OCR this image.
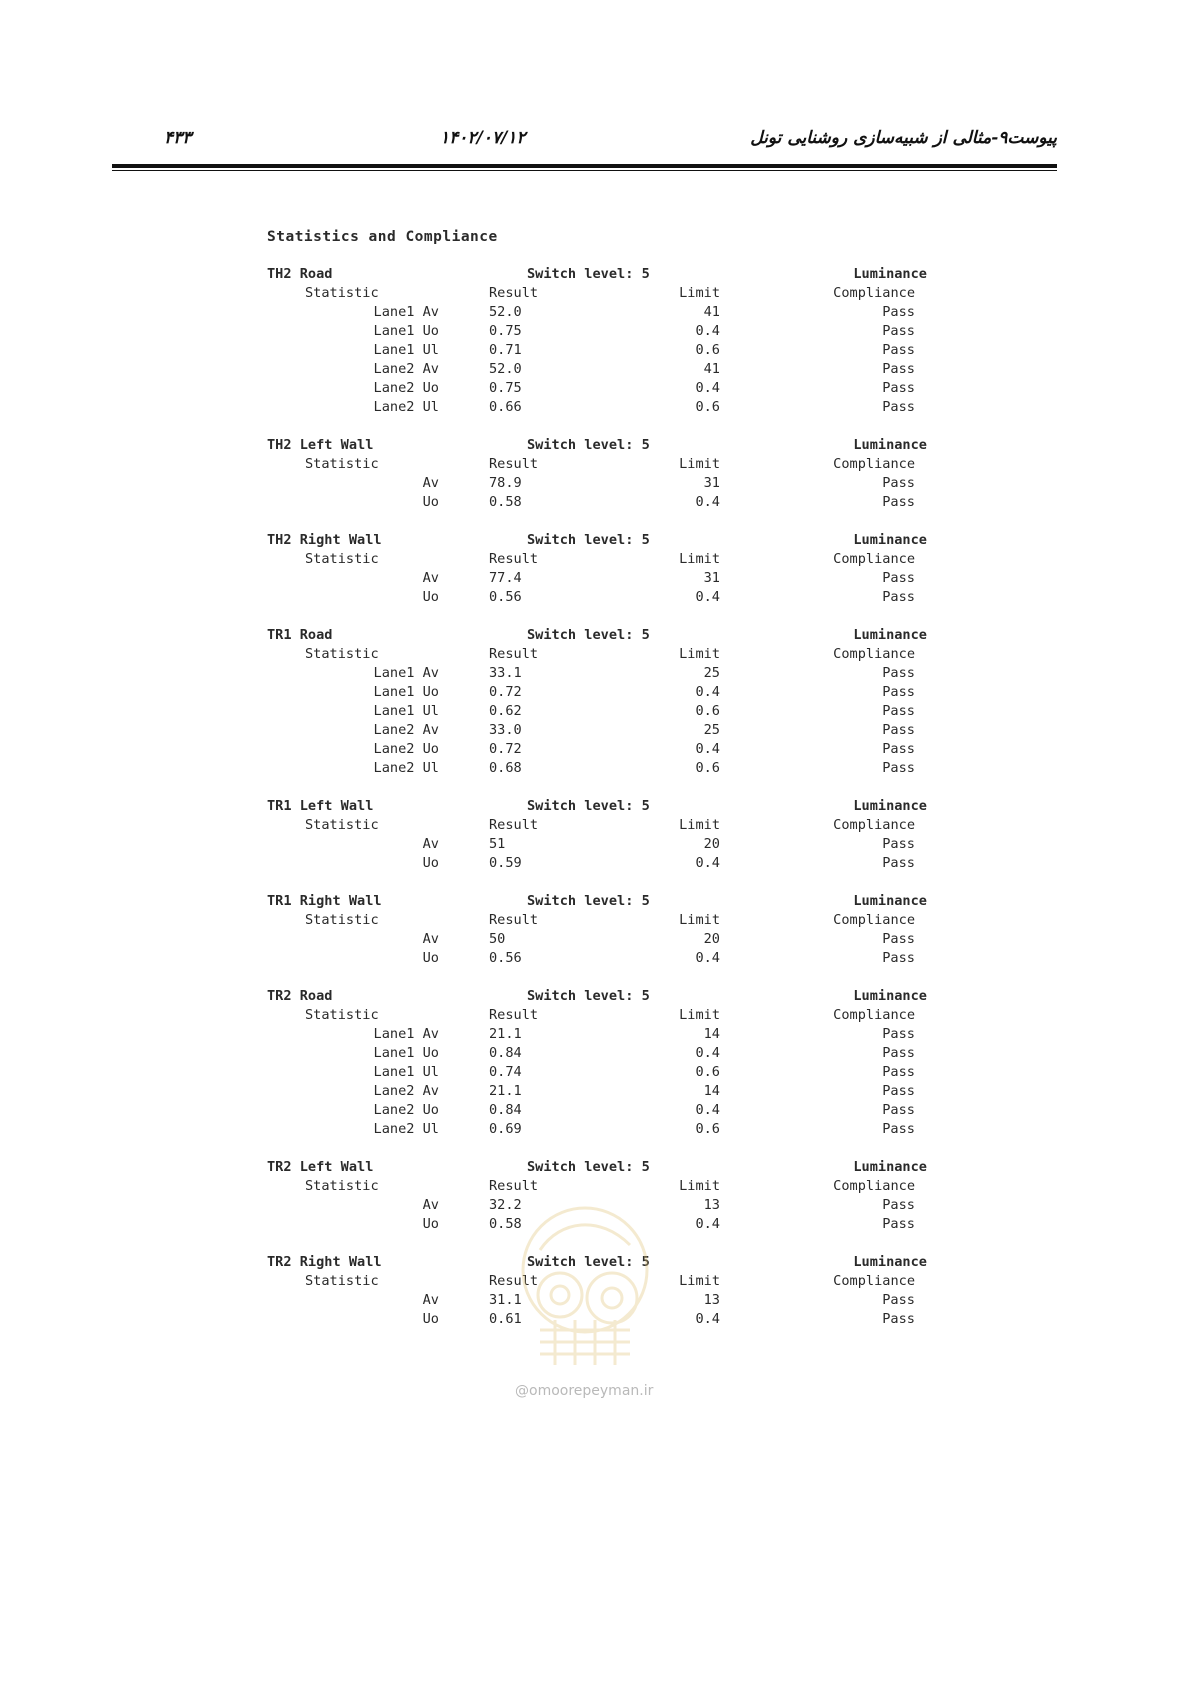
۴۳۳	۱۴۰۲/۰۷/۱۲	پیوست۹-مثالی از شبیه‌سازی روشنایی تونل
Statistics and Compliance
TH2 Road	Switch level: 5	Luminance
Statistic	Result	Limit	Compliance
Lane1 Av	52.0	41	Pass
Lane1 Uo	0.75	0.4	Pass
Lane1 Ul	0.71	0.6	Pass
Lane2 Av	52.0	41	Pass
Lane2 Uo	0.75	0.4	Pass
Lane2 Ul	0.66	0.6	Pass
TH2 Left Wall	Switch level: 5	Luminance
Statistic	Result	Limit	Compliance
Av	78.9	31	Pass
Uo	0.58	0.4	Pass
TH2 Right Wall	Switch level: 5	Luminance
Statistic	Result	Limit	Compliance
Av	77.4	31	Pass
Uo	0.56	0.4	Pass
TR1 Road	Switch level: 5	Luminance
Statistic	Result	Limit	Compliance
Lane1 Av	33.1	25	Pass
Lane1 Uo	0.72	0.4	Pass
Lane1 Ul	0.62	0.6	Pass
Lane2 Av	33.0	25	Pass
Lane2 Uo	0.72	0.4	Pass
Lane2 Ul	0.68	0.6	Pass
TR1 Left Wall	Switch level: 5	Luminance
Statistic	Result	Limit	Compliance
Av	51	20	Pass
Uo	0.59	0.4	Pass
TR1 Right Wall	Switch level: 5	Luminance
Statistic	Result	Limit	Compliance
Av	50	20	Pass
Uo	0.56	0.4	Pass
TR2 Road	Switch level: 5	Luminance
Statistic	Result	Limit	Compliance
Lane1 Av	21.1	14	Pass
Lane1 Uo	0.84	0.4	Pass
Lane1 Ul	0.74	0.6	Pass
Lane2 Av	21.1	14	Pass
Lane2 Uo	0.84	0.4	Pass
Lane2 Ul	0.69	0.6	Pass
TR2 Left Wall	Switch level: 5	Luminance
Statistic	Result	Limit	Compliance
Av	32.2	13	Pass
Uo	0.58	0.4	Pass
TR2 Right Wall	Switch level: 5	Luminance
Statistic	Result	Limit	Compliance
Av	31.1	13	Pass
Uo	0.61	0.4	Pass
@omoorepeyman.ir
